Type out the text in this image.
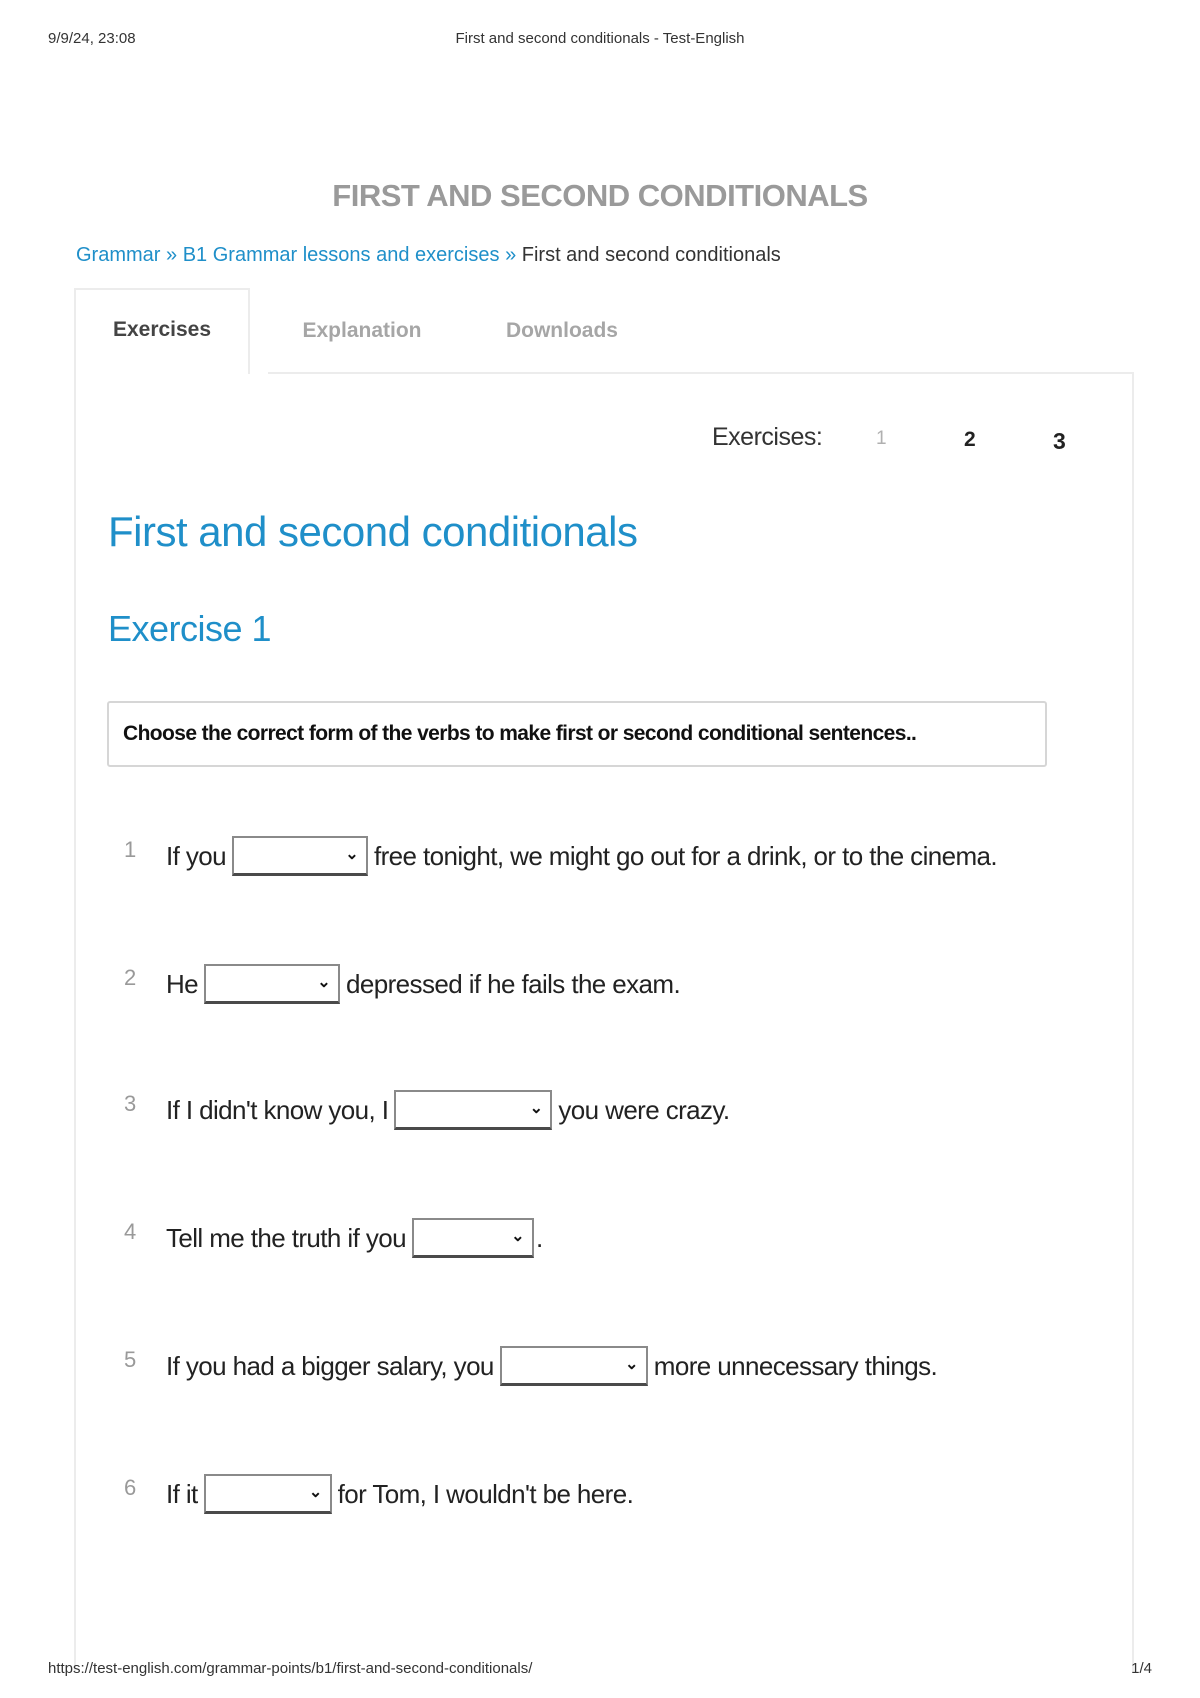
9/9/24, 23:08	First and second conditionals - Test-English
FIRST AND SECOND CONDITIONALS
Grammar » B1 Grammar lessons and exercises » First and second conditionals
Exercises	Explanation	Downloads
Exercises:	1	2	3
First and second conditionals
Exercise 1
Choose the correct form of the verbs to make first or second conditional sentences..
1 If you	⌄ free tonight, we might go out for a drink, or to the cinema.
2 He	⌄ depressed if he fails the exam.
3 If I didn't know you, I	⌄ you were crazy.
4 Tell me the truth if you	⌄ .
5 If you had a bigger salary, you	⌄ more unnecessary things.
6 If it	⌄ for Tom, I wouldn't be here.
https://test-english.com/grammar-points/b1/first-and-second-conditionals/	1/4
